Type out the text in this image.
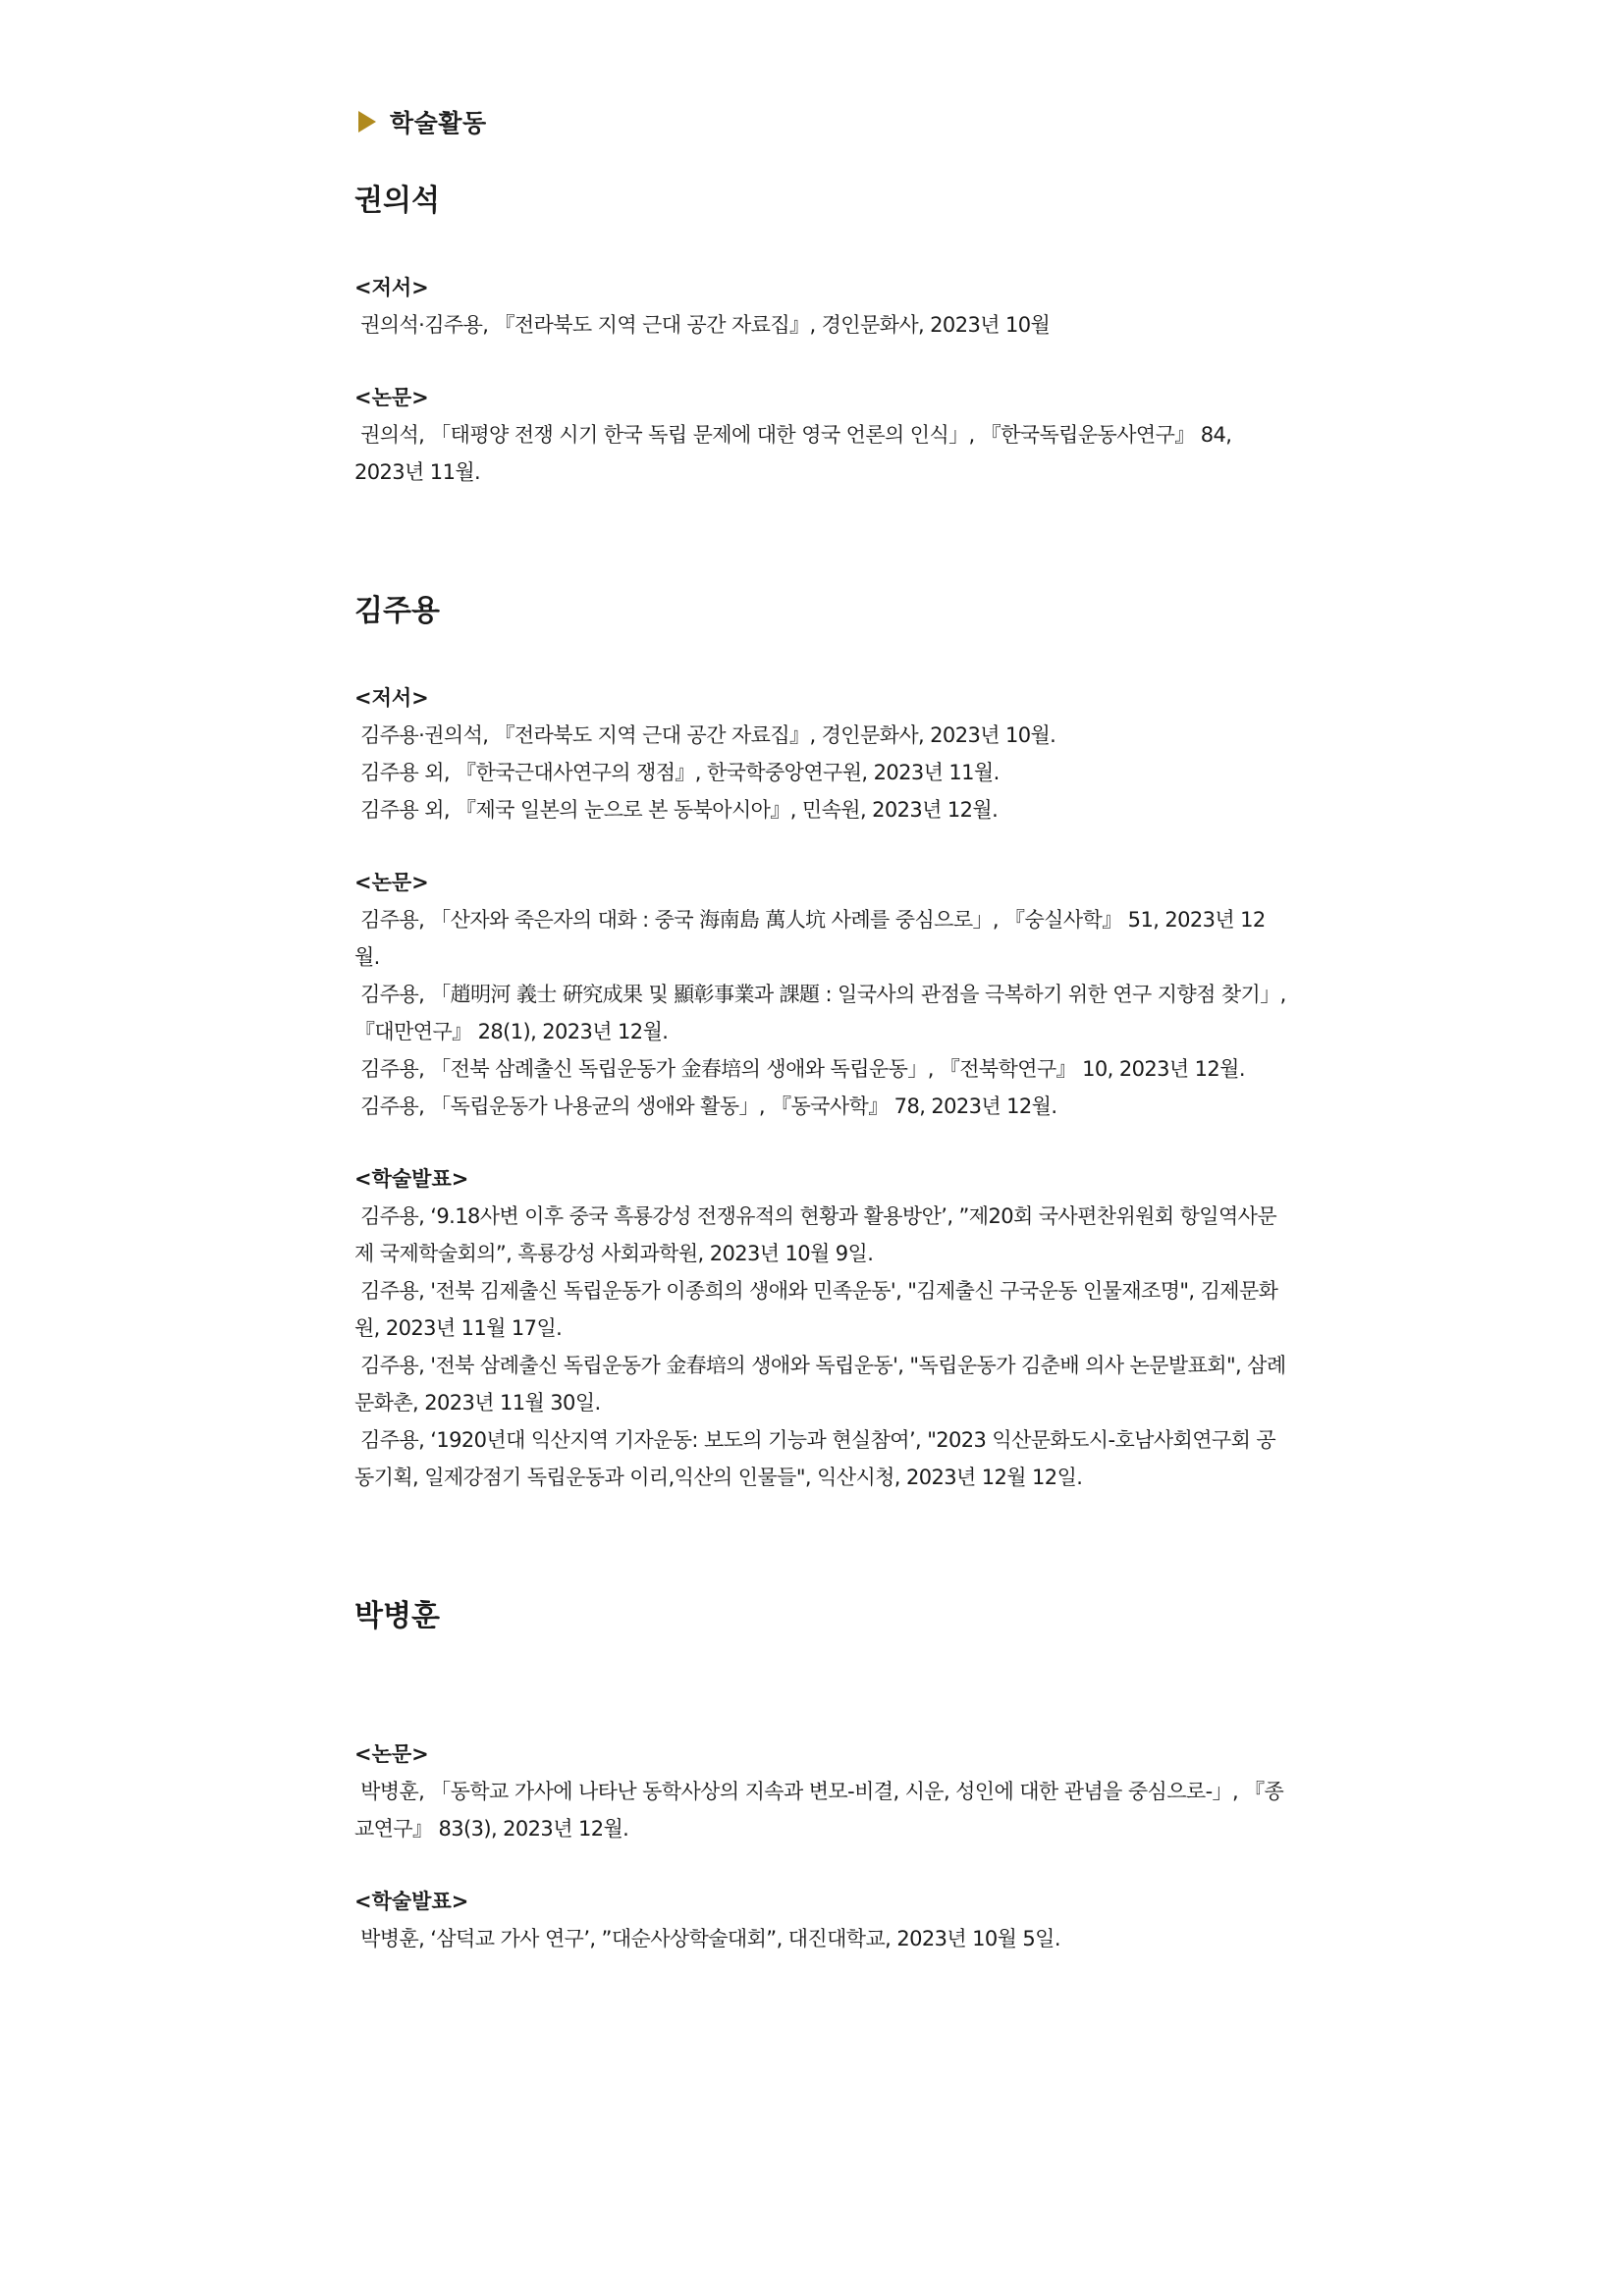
학술활동
권의석
<저서>
권의석·김주용, 『전라북도 지역 근대 공간 자료집』, 경인문화사, 2023년 10월
<논문>
권의석, 「태평양 전쟁 시기 한국 독립 문제에 대한 영국 언론의 인식」, 『한국독립운동사연구』 84, 2023년 11월.
김주용
<저서>
김주용·권의석, 『전라북도 지역 근대 공간 자료집』, 경인문화사, 2023년 10월.
김주용 외, 『한국근대사연구의 쟁점』, 한국학중앙연구원, 2023년 11월.
김주용 외, 『제국 일본의 눈으로 본 동북아시아』, 민속원, 2023년 12월.
<논문>
김주용, 「산자와 죽은자의 대화 : 중국 海南島 萬人坑 사례를 중심으로」, 『숭실사학』 51, 2023년 12월.
김주용, 「趙明河 義士 硏究成果 및 顯彰事業과 課題 : 일국사의 관점을 극복하기 위한 연구 지향점 찾기」, 『대만연구』 28(1), 2023년 12월.
김주용, 「전북 삼례출신 독립운동가 金春培의 생애와 독립운동」, 『전북학연구』 10, 2023년 12월.
김주용, 「독립운동가 나용균의 생애와 활동」, 『동국사학』 78, 2023년 12월.
<학술발표>
김주용, ‘9.18사변 이후 중국 흑룡강성 전쟁유적의 현황과 활용방안’, ”제20회 국사편찬위원회 항일역사문제 국제학술회의”, 흑룡강성 사회과학원, 2023년 10월 9일.
김주용, '전북 김제출신 독립운동가 이종희의 생애와 민족운동', "김제출신 구국운동 인물재조명", 김제문화원, 2023년 11월 17일.
김주용, '전북 삼례출신 독립운동가 金春培의 생애와 독립운동', "독립운동가 김춘배 의사 논문발표회", 삼례문화촌, 2023년 11월 30일.
김주용, ‘1920년대 익산지역 기자운동: 보도의 기능과 현실참여’, "2023 익산문화도시-호남사회연구회 공동기획, 일제강점기 독립운동과 이리,익산의 인물들", 익산시청, 2023년 12월 12일.
박병훈
<논문>
박병훈, 「동학교 가사에 나타난 동학사상의 지속과 변모-비결, 시운, 성인에 대한 관념을 중심으로-」, 『종교연구』 83(3), 2023년 12월.
<학술발표>
박병훈, ‘삼덕교 가사 연구’, ”대순사상학술대회”, 대진대학교, 2023년 10월 5일.
